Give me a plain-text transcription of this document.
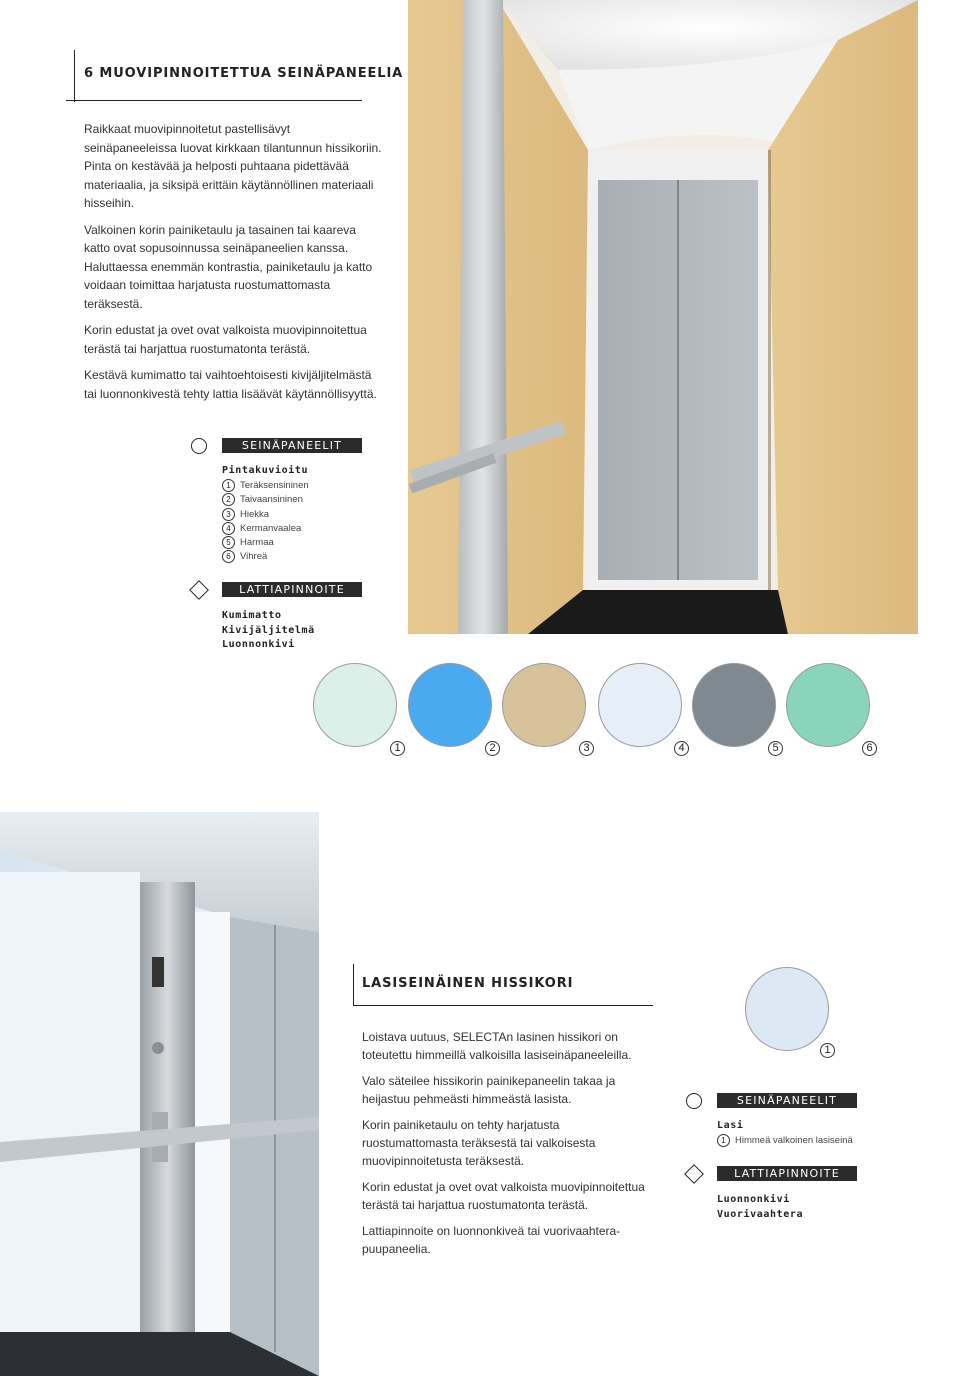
6 MUOVIPINNOITETTUA SEINÄPANEELIA

Raikkaat muovipinnoitetut pastellisävyt seinäpaneeleissa luovat kirkkaan tilantunnun hissikoriin. Pinta on kestävää ja helposti puhtaana pidettävää materiaalia, ja siksipä erittäin käytännöllinen materiaali hisseihin.

Valkoinen korin painiketaulu ja tasainen tai kaareva katto ovat sopusoinnussa seinäpaneelien kanssa. Haluttaessa enemmän kontrastia, painiketaulu ja katto voidaan toimittaa harjatusta ruostumattomasta teräksestä.

Korin edustat ja ovet ovat valkoista muovipinnoitettua terästä tai harjattua ruostumatonta terästä.

Kestävä kumimatto tai vaihtoehtoisesti kivijäljitelmästä tai luonnonkivestä tehty lattia lisäävät käytännöllisyyttä.

SEINÄPANEELIT
Pintakuvioitu
1 Teräksensininen
2 Taivaansininen
3 Hiekka
4 Kermanvaalea
5 Harmaa
6 Vihreä
LATTIAPINNOITE
Kumimatto
Kivijäljitelmä
Luonnonkivi
1	2	3	4	5	6
LASISEINÄINEN HISSIKORI

Loistava uutuus, SELECTAn lasinen hissikori on toteutettu himmeillä valkoisilla lasiseinäpaneeleilla.

Valo säteilee hissikorin painikepaneelin takaa ja heijastuu pehmeästi himmeästä lasista.

Korin painiketaulu on tehty harjatusta ruostumattomasta teräksestä tai valkoisesta muovipinnoitetusta teräksestä.

Korin edustat ja ovet ovat valkoista muovipinnoitettua terästä tai harjattua ruostumatonta terästä.

Lattiapinnoite on luonnonkiveä tai vuorivaahtera-puupaneelia.

1
SEINÄPANEELIT
Lasi
1 Himmeä valkoinen lasiseinä
LATTIAPINNOITE
Luonnonkivi
Vuorivaahtera
